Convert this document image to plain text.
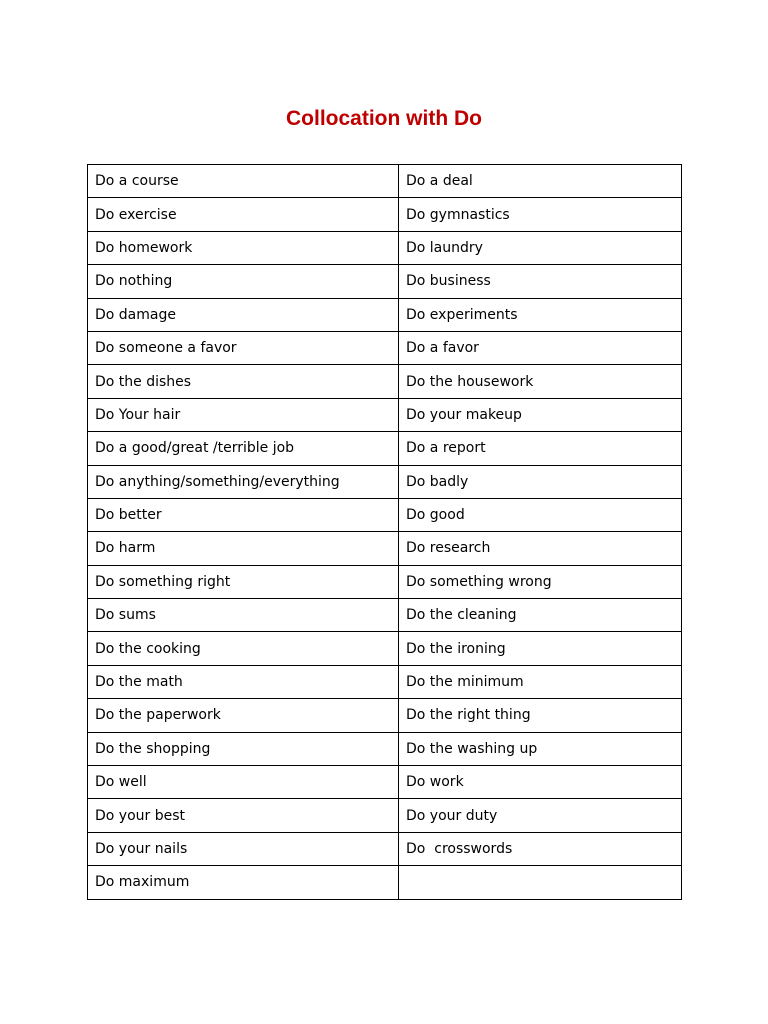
Collocation with Do
Do a course	Do a deal
Do exercise	Do gymnastics
Do homework	Do laundry
Do nothing	Do business
Do damage	Do experiments
Do someone a favor	Do a favor
Do the dishes	Do the housework
Do Your hair	Do your makeup
Do a good/great /terrible job	Do a report
Do anything/something/everything	Do badly
Do better	Do good
Do harm	Do research
Do something right	Do something wrong
Do sums	Do the cleaning
Do the cooking	Do the ironing
Do the math	Do the minimum
Do the paperwork	Do the right thing
Do the shopping	Do the washing up
Do well	Do work
Do your best	Do your duty
Do your nails	Do  crosswords
Do maximum	
